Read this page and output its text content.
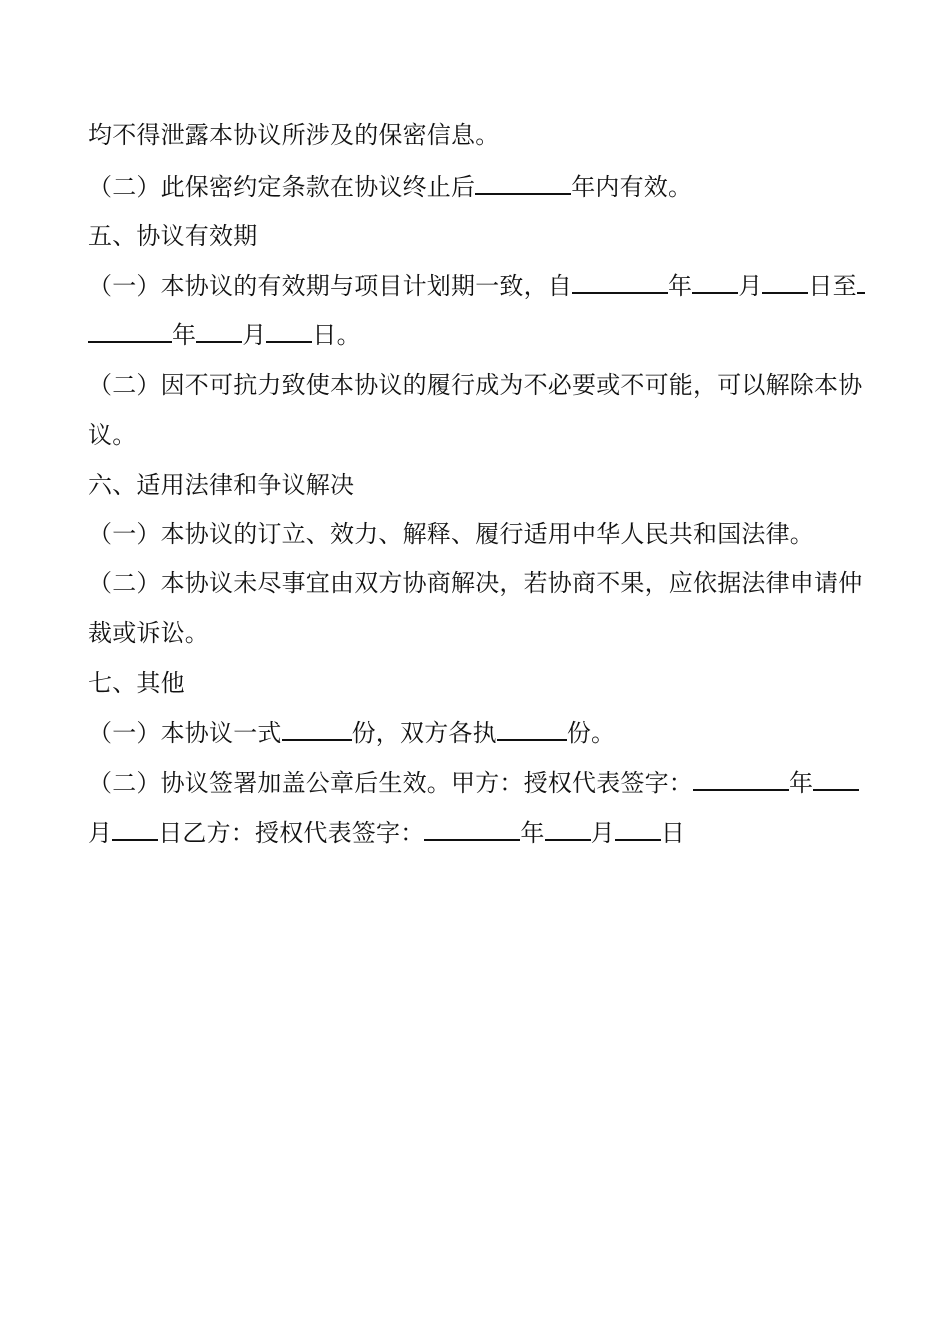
均不得泄露本协议所涉及的保密信息。
（二）此保密约定条款在协议终止后	年内有效。
五、协议有效期
（一）本协议的有效期与项目计划期一致，自	年 月 日至
年 月 日。
（二）因不可抗力致使本协议的履行成为不必要或不可能，可以解除本协
议。
六、适用法律和争议解决
（一）本协议的订立、效力、解释、履行适用中华人民共和国法律。
（二）本协议未尽事宜由双方协商解决，若协商不果，应依据法律申请仲
裁或诉讼。
七、其他
（一）本协议一式	份，双方各执	份。
（二）协议签署加盖公章后生效。甲方：授权代表签字：	年
月 日乙方：授权代表签字：	年 月 日
